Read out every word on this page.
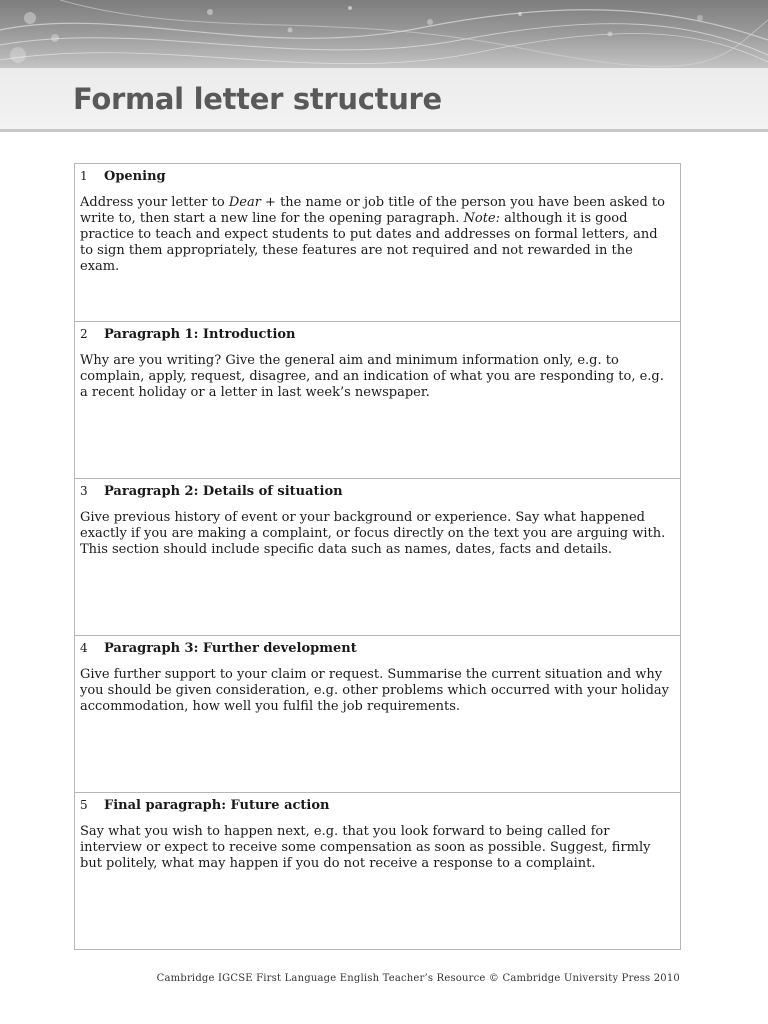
Formal letter structure
1 Opening
Address your letter to Dear + the name or job title of the person you have been asked to write to, then start a new line for the opening paragraph. Note: although it is good practice to teach and expect students to put dates and addresses on formal letters, and to sign them appropriately, these features are not required and not rewarded in the exam.
2 Paragraph 1: Introduction
Why are you writing? Give the general aim and minimum information only, e.g. to complain, apply, request, disagree, and an indication of what you are responding to, e.g. a recent holiday or a letter in last week’s newspaper.
3 Paragraph 2: Details of situation
Give previous history of event or your background or experience. Say what happened exactly if you are making a complaint, or focus directly on the text you are arguing with. This section should include specific data such as names, dates, facts and details.
4 Paragraph 3: Further development
Give further support to your claim or request. Summarise the current situation and why you should be given consideration, e.g. other problems which occurred with your holiday accommodation, how well you fulfil the job requirements.
5 Final paragraph: Future action
Say what you wish to happen next, e.g. that you look forward to being called for interview or expect to receive some compensation as soon as possible. Suggest, firmly but politely, what may happen if you do not receive a response to a complaint.
Cambridge IGCSE First Language English Teacher’s Resource © Cambridge University Press 2010
